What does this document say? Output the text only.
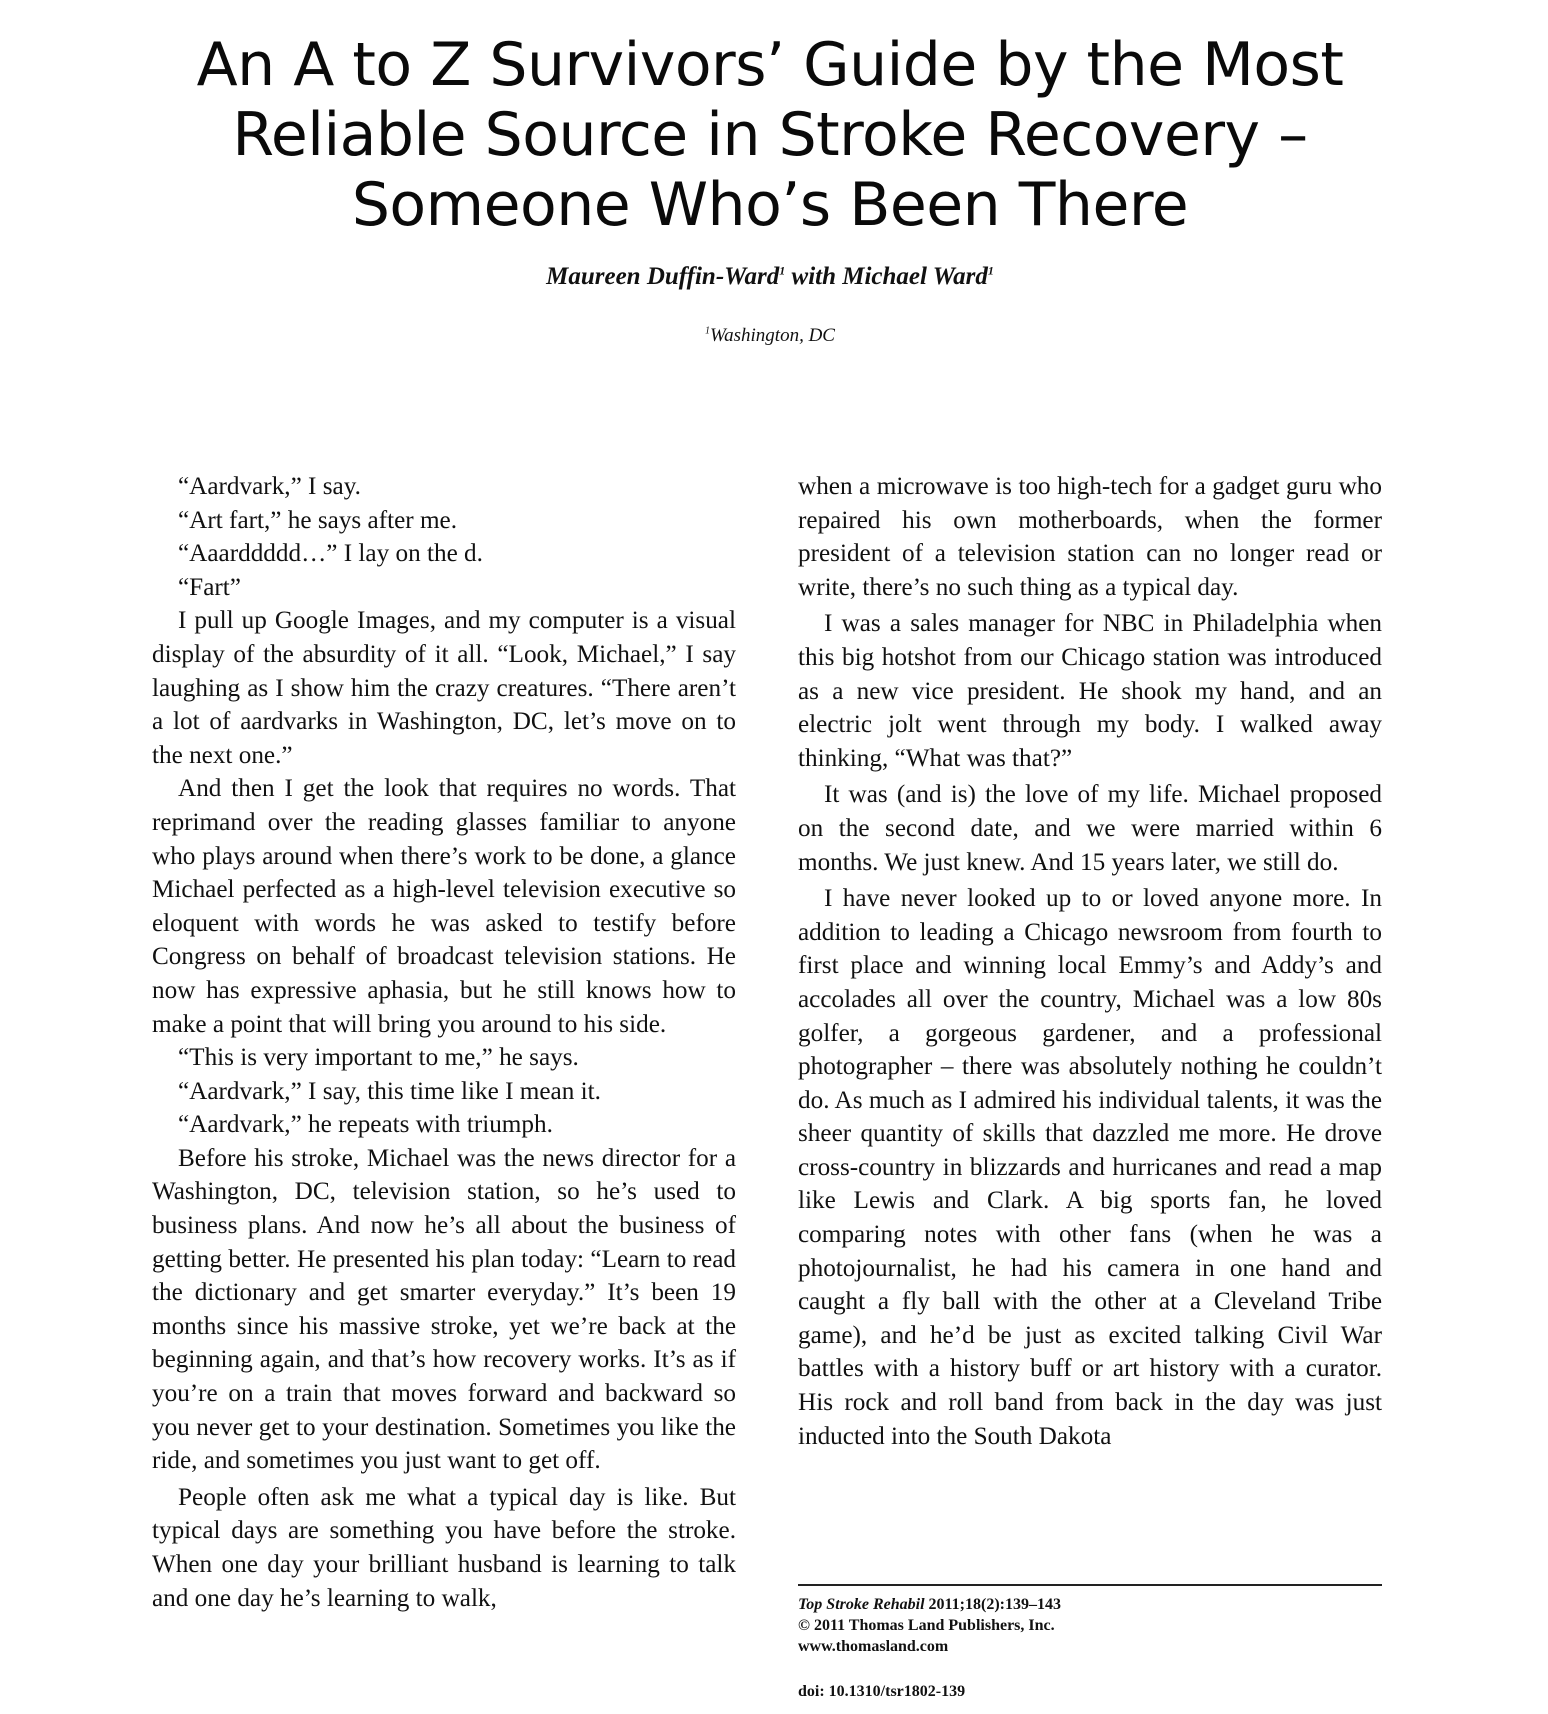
An A to Z Survivors’ Guide by the Most
Reliable Source in Stroke Recovery –
Someone Who’s Been There
Maureen Duffin-Ward$^1$ with Michael Ward$^1$
$^1$Washington, DC

“Aardvark,” I say.

“Art fart,” he says after me.

“Aaarddddd…” I lay on the d.

“Fart”

I pull up Google Images, and my computer is a visual display of the absurdity of it all. “Look, Michael,” I say laughing as I show him the crazy creatures. “There aren’t a lot of aardvarks in Washington, DC, let’s move on to the next one.”

And then I get the look that requires no words. That reprimand over the reading glasses familiar to anyone who plays around when there’s work to be done, a glance Michael perfected as a high-level television executive so eloquent with words he was asked to testify before Congress on behalf of broadcast television stations. He now has expressive aphasia, but he still knows how to make a point that will bring you around to his side.

“This is very important to me,” he says.

“Aardvark,” I say, this time like I mean it.

“Aardvark,” he repeats with triumph.

Before his stroke, Michael was the news director for a Washington, DC, television station, so he’s used to business plans. And now he’s all about the business of getting better. He presented his plan today: “Learn to read the dictionary and get smarter everyday.” It’s been 19 months since his massive stroke, yet we’re back at the beginning again, and that’s how recovery works. It’s as if you’re on a train that moves forward and backward so you never get to your destination. Sometimes you like the ride, and sometimes you just want to get off.

People often ask me what a typical day is like. But typical days are something you have before the stroke. When one day your brilliant husband is learning to talk and one day he’s learning to walk,

when a microwave is too high-tech for a gadget guru who repaired his own motherboards, when the former president of a television station can no longer read or write, there’s no such thing as a typical day.

I was a sales manager for NBC in Philadelphia when this big hotshot from our Chicago station was introduced as a new vice president. He shook my hand, and an electric jolt went through my body. I walked away thinking, “What was that?”

It was (and is) the love of my life. Michael proposed on the second date, and we were married within 6 months. We just knew. And 15 years later, we still do.

I have never looked up to or loved anyone more. In addition to leading a Chicago newsroom from fourth to first place and winning local Emmy’s and Addy’s and accolades all over the country, Michael was a low 80s golfer, a gorgeous gardener, and a professional photographer – there was absolutely nothing he couldn’t do. As much as I admired his individual talents, it was the sheer quantity of skills that dazzled me more. He drove cross-country in blizzards and hurricanes and read a map like Lewis and Clark. A big sports fan, he loved comparing notes with other fans (when he was a photojournalist, he had his camera in one hand and caught a fly ball with the other at a Cleveland Tribe game), and he’d be just as excited talking Civil War battles with a history buff or art history with a curator. His rock and roll band from back in the day was just inducted into the South Dakota

Top Stroke Rehabil 2011;18(2):139–143
© 2011 Thomas Land Publishers, Inc.
www.thomasland.com
doi: 10.1310/tsr1802-139
